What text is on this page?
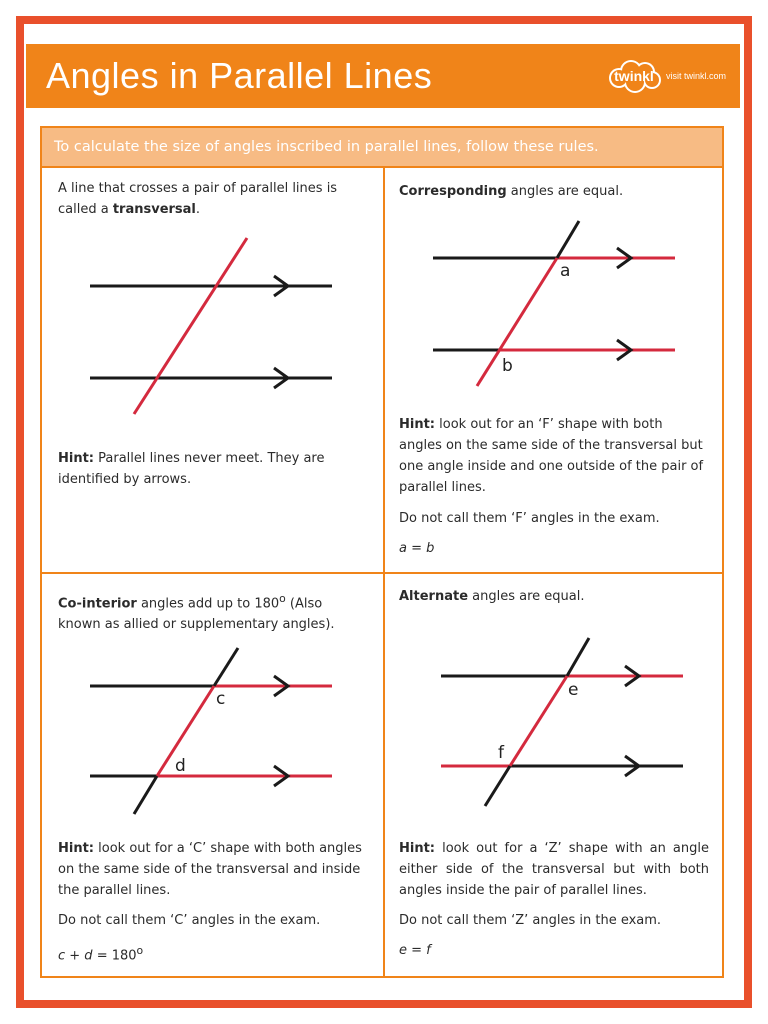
Angles in Parallel Lines	twinkl	visit twinkl.com

To calculate the size of angles inscribed in parallel lines, follow these rules.

A line that crosses a pair of parallel lines is called a transversal.

Hint: Parallel lines never meet. They are identified by arrows.

Corresponding angles are equal.

a
b

Hint: look out for an ‘F’ shape with both angles on the same side of the transversal but one angle inside and one outside of the pair of parallel lines.

Do not call them ‘F’ angles in the exam.

a = b

Co-interior angles add up to 180$^o$ (Also known as allied or supplementary angles).

c
d

Hint: look out for a ‘C’ shape with both angles on the same side of the transversal and inside the parallel lines.

Do not call them ‘C’ angles in the exam.

$c + d = 180^o$

Alternate angles are equal.

e
f

Hint: look out for a ‘Z’ shape with an angle either side of the transversal but with both angles inside the pair of parallel lines.

Do not call them ‘Z’ angles in the exam.

e = f
